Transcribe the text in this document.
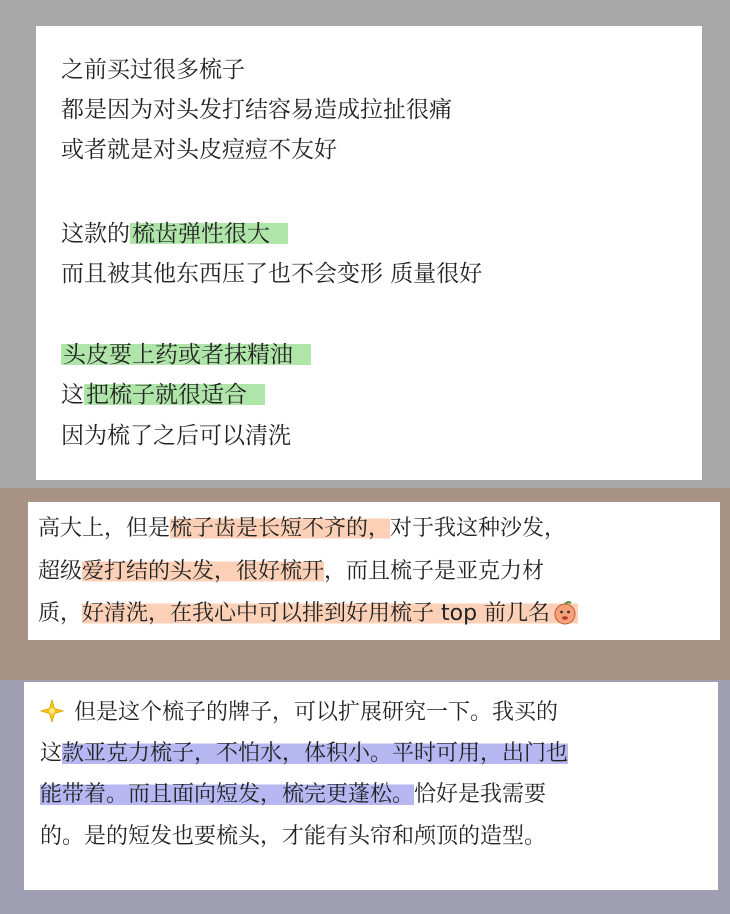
之前买过很多梳子
都是因为对头发打结容易造成拉扯很痛
或者就是对头皮痘痘不友好
这款的梳齿弹性很大
而且被其他东西压了也不会变形 质量很好
头皮要上药或者抹精油
这把梳子就很适合
因为梳了之后可以清洗
高大上，但是梳子齿是长短不齐的，对于我这种沙发，
超级爱打结的头发，很好梳开，而且梳子是亚克力材
质，好清洗，在我心中可以排到好用梳子 top 前几名
但是这个梳子的牌子，可以扩展研究一下。我买的
这款亚克力梳子，不怕水，体积小。平时可用，出门也
能带着。而且面向短发，梳完更蓬松。恰好是我需要
的。是的短发也要梳头，才能有头帘和颅顶的造型。
